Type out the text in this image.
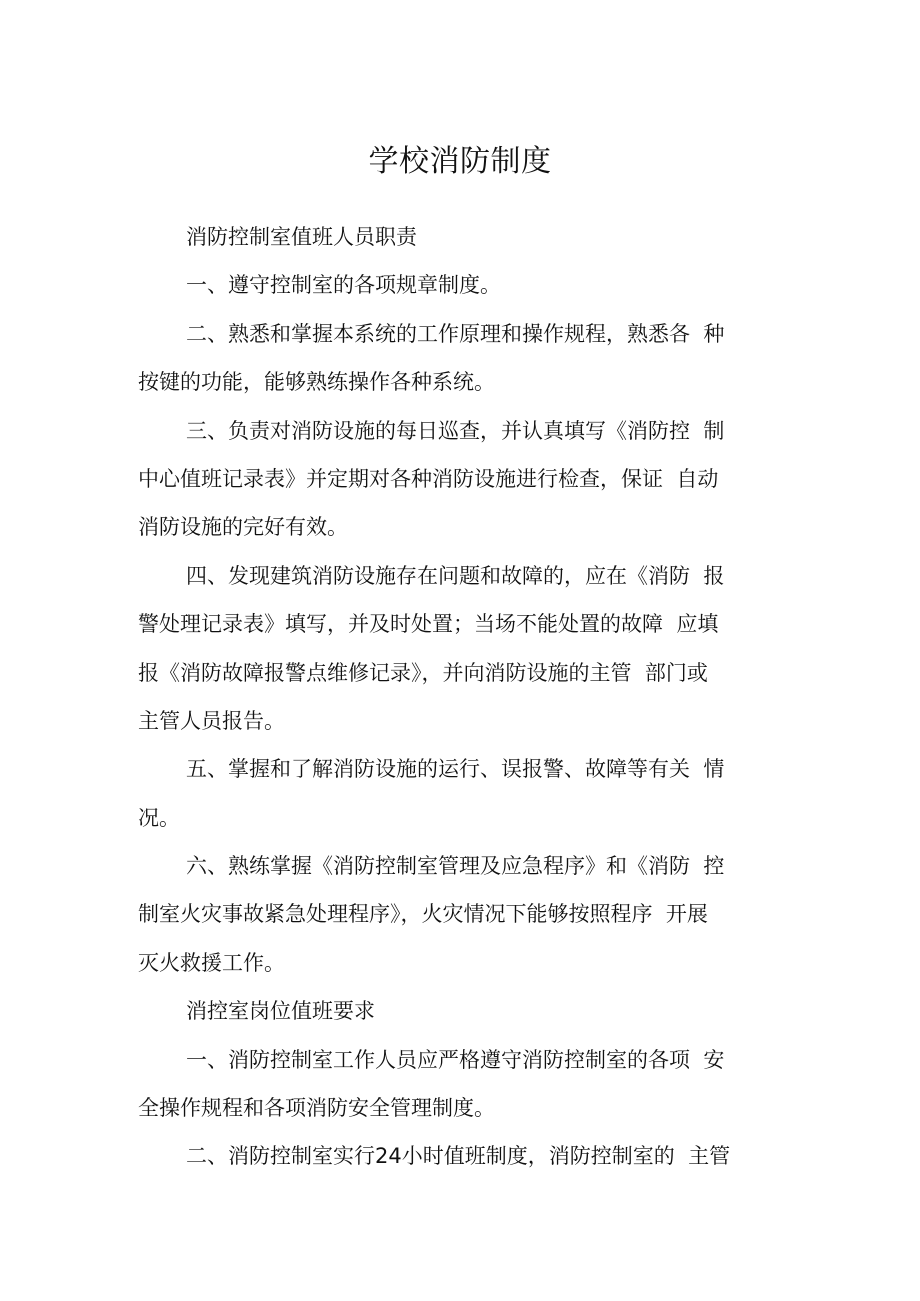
学校消防制度
消防控制室值班人员职责
一、遵守控制室的各项规章制度。
二、熟悉和掌握本系统的工作原理和操作规程，熟悉各  种
按键的功能，能够熟练操作各种系统。
三、负责对消防设施的每日巡查，并认真填写《消防控  制
中心值班记录表》并定期对各种消防设施进行检查，保证  自动
消防设施的完好有效。
四、发现建筑消防设施存在问题和故障的，应在《消防  报
警处理记录表》填写，并及时处置；当场不能处置的故障  应填
报《消防故障报警点维修记录》，并向消防设施的主管  部门或
主管人员报告。
五、掌握和了解消防设施的运行、误报警、故障等有关  情
况。
六、熟练掌握《消防控制室管理及应急程序》和《消防  控
制室火灾事故紧急处理程序》，火灾情况下能够按照程序  开展
灭火救援工作。
消控室岗位值班要求
一、消防控制室工作人员应严格遵守消防控制室的各项  安
全操作规程和各项消防安全管理制度。
二、消防控制室实行24小时值班制度，消防控制室的  主管
